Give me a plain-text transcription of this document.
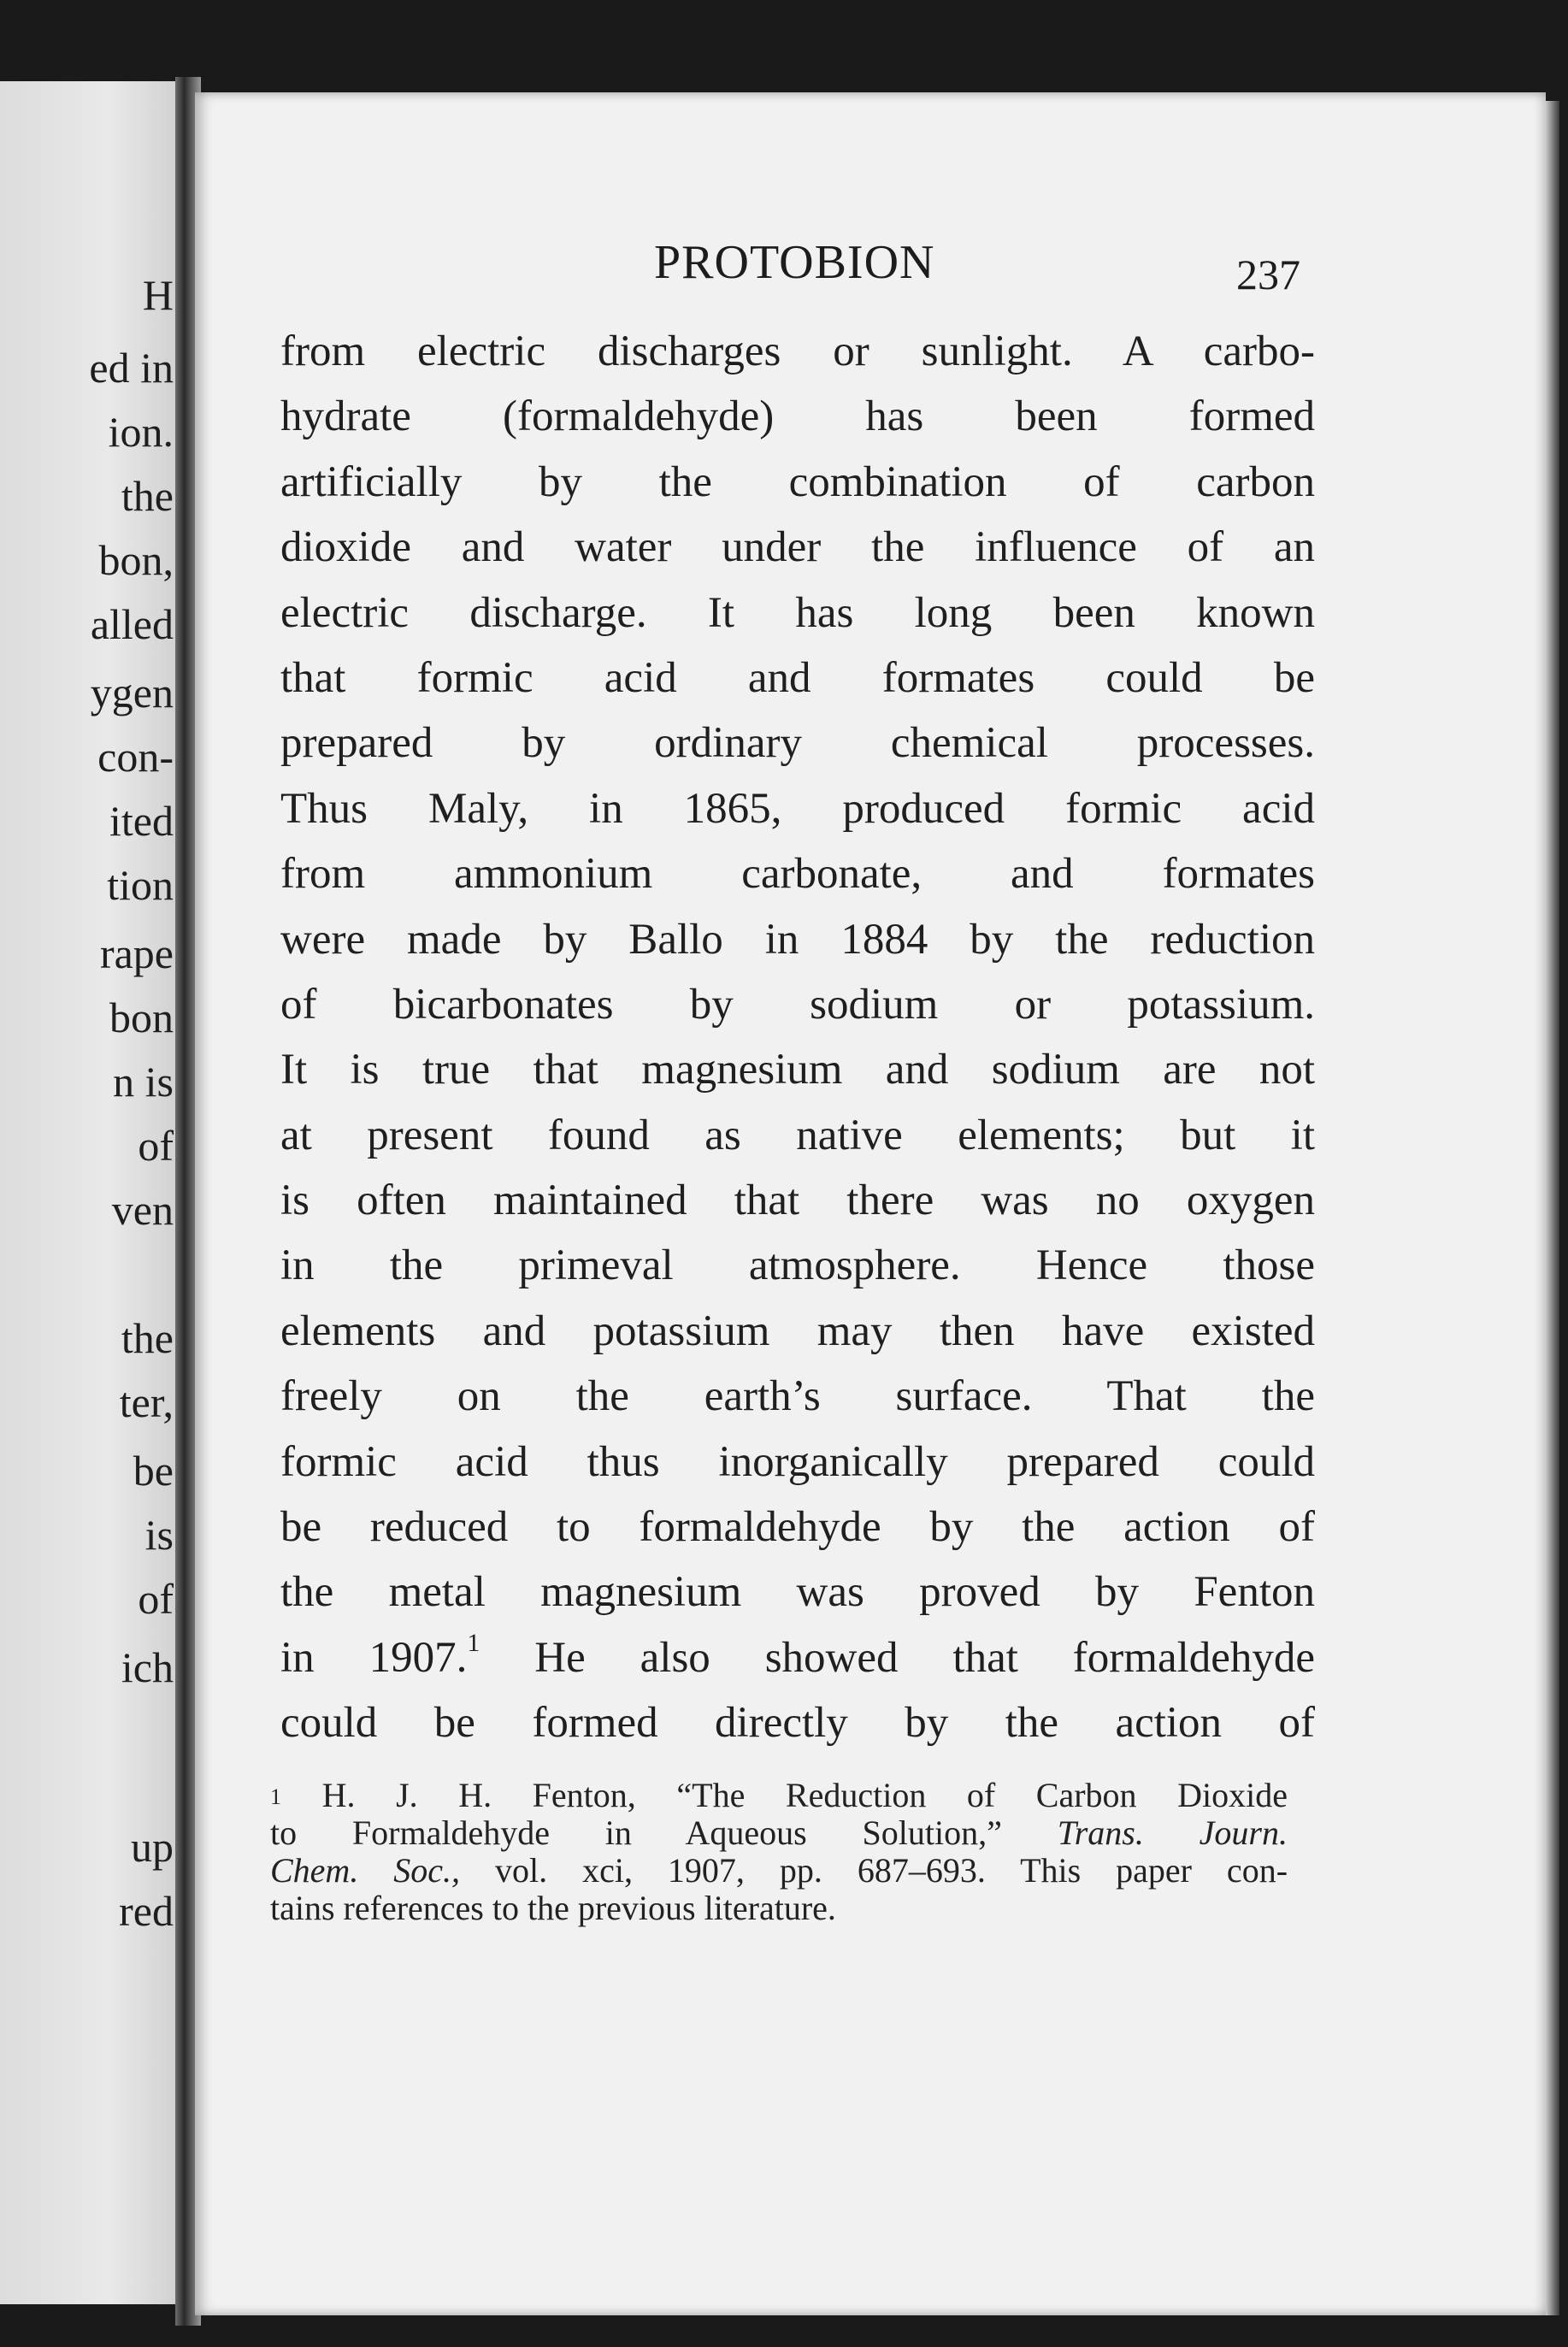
H
ed in
ion.
the
bon,
alled
ygen
con-
ited
tion
rape
bon
n is
of
ven
the
ter,
be
is
of
ich
up
red
PROTOBION	237
from electric discharges or sunlight. A carbo-
hydrate (formaldehyde) has been formed
artificially by the combination of carbon
dioxide and water under the influence of an
electric discharge. It has long been known
that formic acid and formates could be
prepared by ordinary chemical processes.
Thus Maly, in 1865, produced formic acid
from ammonium carbonate, and formates
were made by Ballo in 1884 by the reduction
of bicarbonates by sodium or potassium.
It is true that magnesium and sodium are not
at present found as native elements; but it
is often maintained that there was no oxygen
in the primeval atmosphere. Hence those
elements and potassium may then have existed
freely on the earth’s surface. That the
formic acid thus inorganically prepared could
be reduced to formaldehyde by the action of
the metal magnesium was proved by Fenton
in 1907.$^1$ He also showed that formaldehyde
could be formed directly by the action of
$^1$ H. J. H. Fenton, “The Reduction of Carbon Dioxide
to Formaldehyde in Aqueous Solution,” Trans. Journ.
Chem. Soc., vol. xci, 1907, pp. 687–693. This paper con-
tains references to the previous literature.
